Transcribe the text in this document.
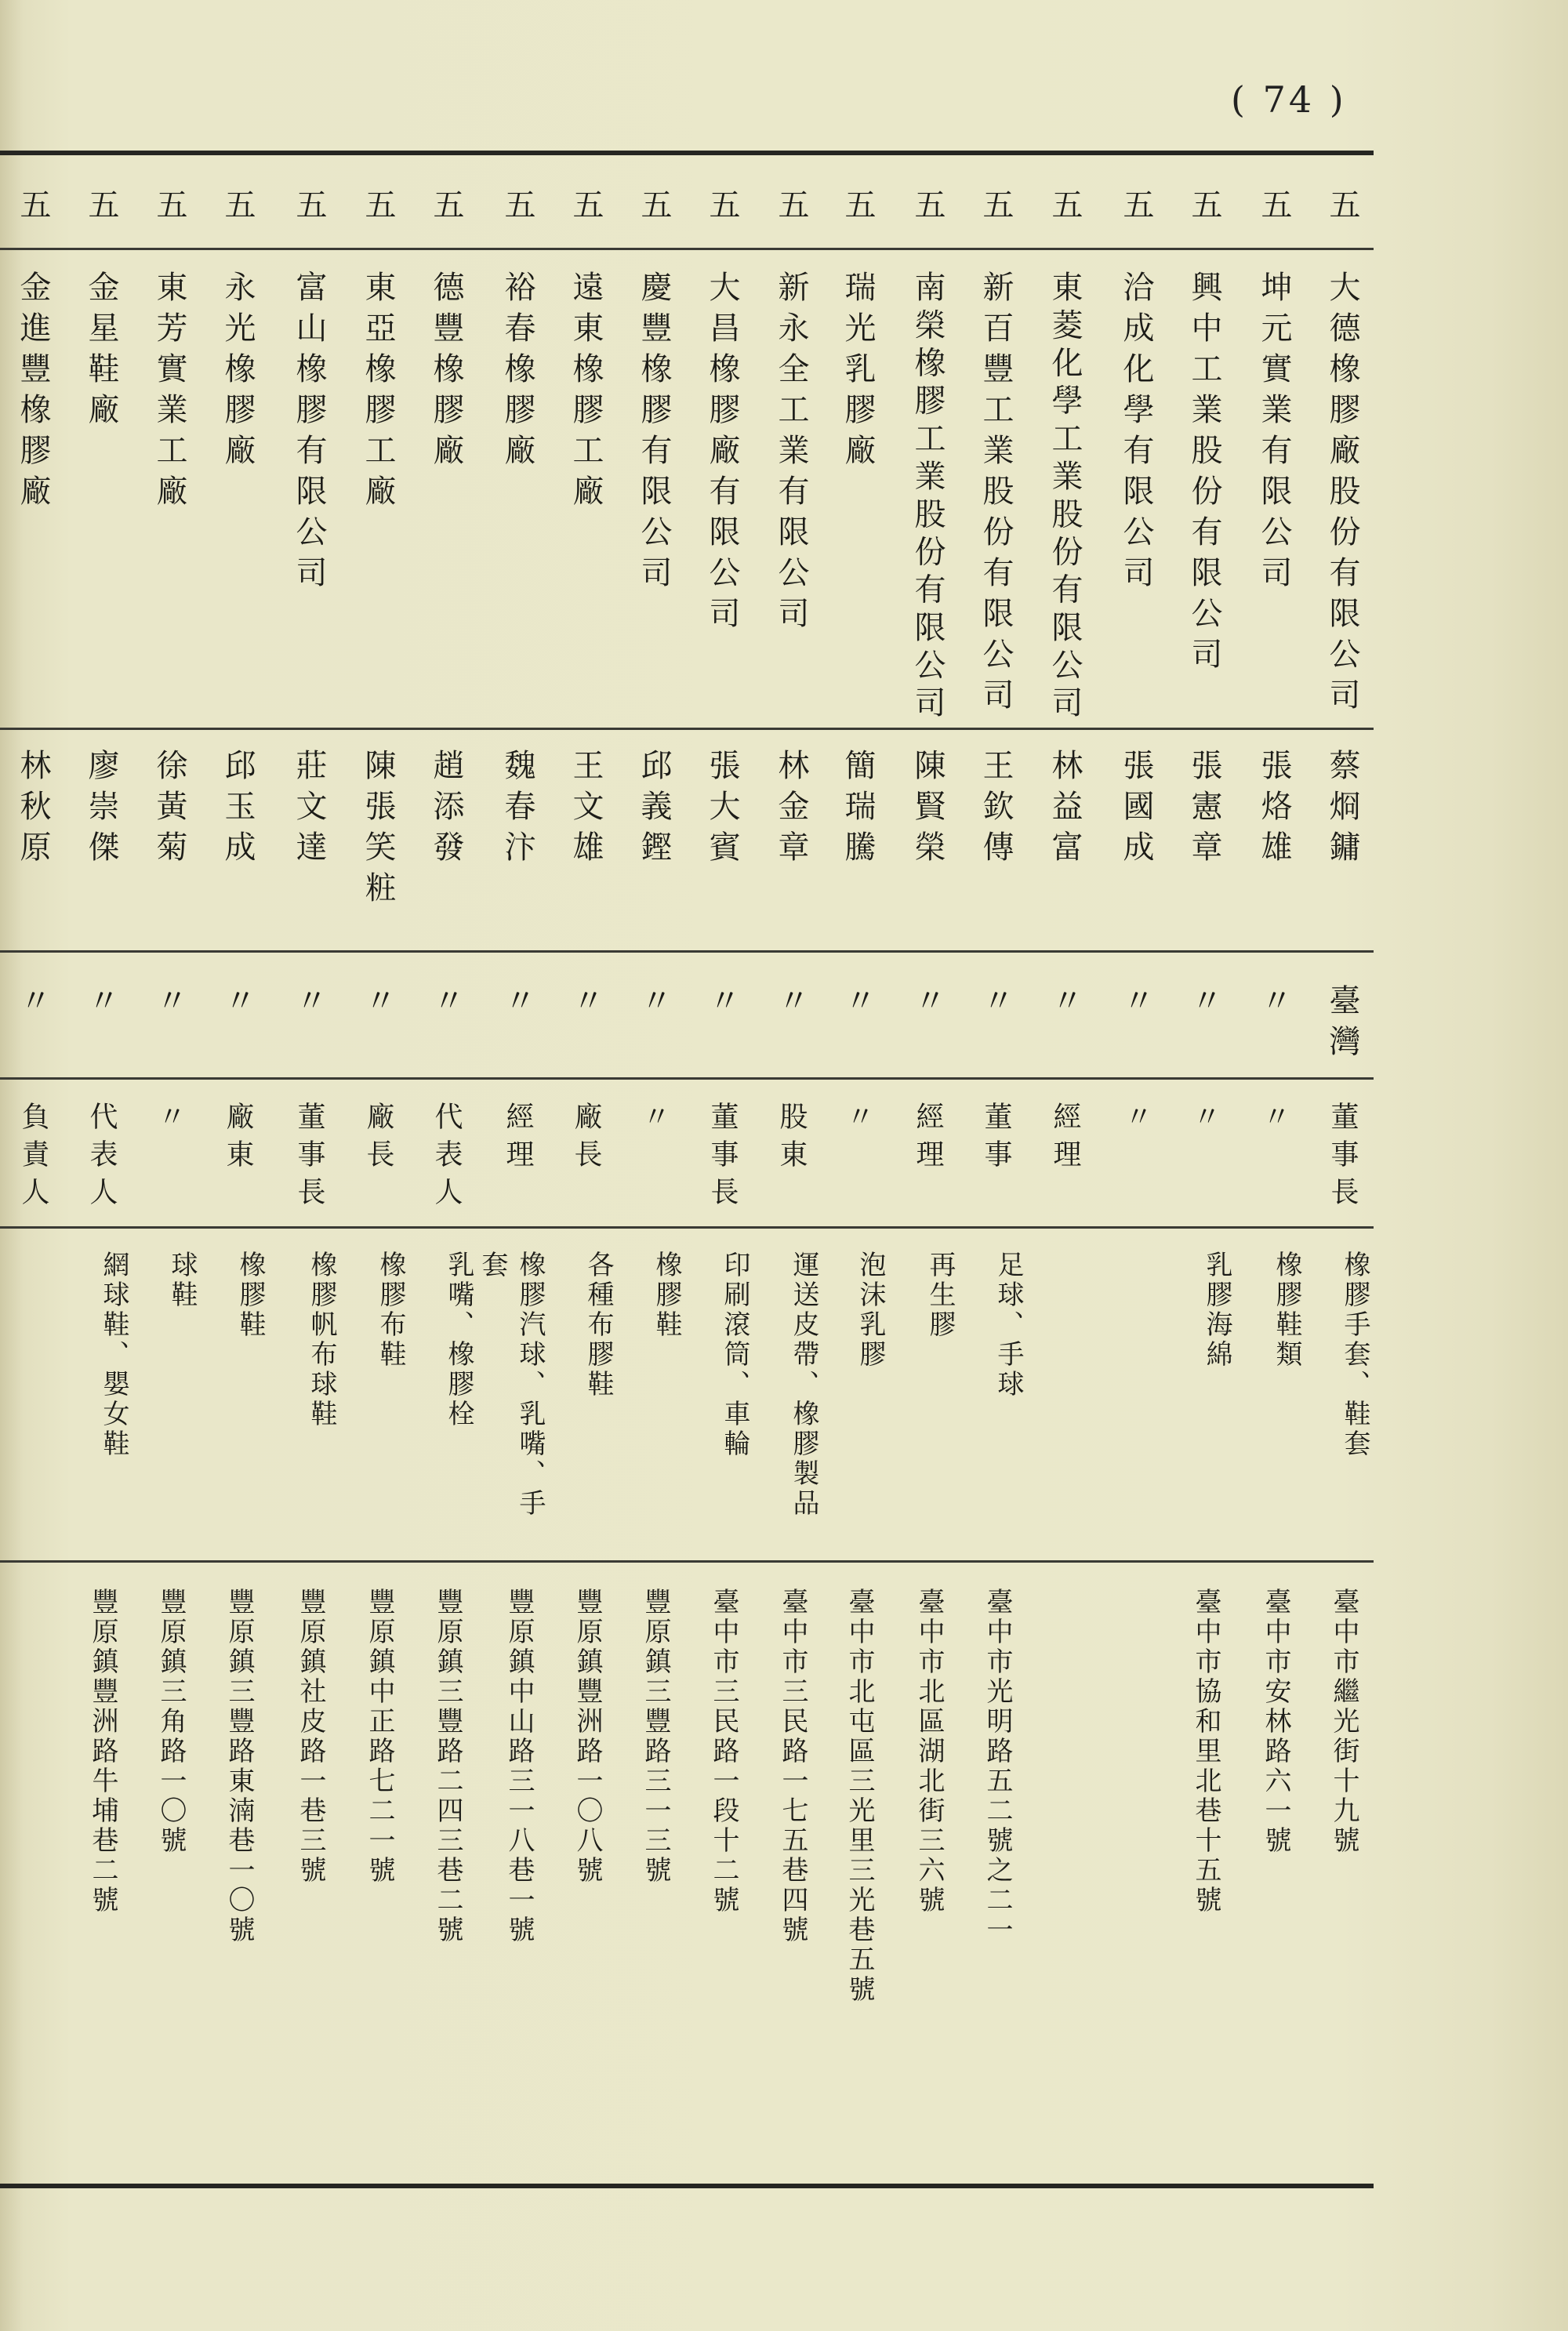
( 74 )
五
大德橡膠廠股份有限公司
蔡烱鏞
臺灣
董事長
橡膠手套、鞋套
臺中市繼光街十九號
五
坤元實業有限公司
張烙雄
〃
〃
橡膠鞋類
臺中市安林路六一號
五
興中工業股份有限公司
張憲章
〃
〃
乳膠海綿
臺中市協和里北巷十五號
五
洽成化學有限公司
張國成
〃
〃
五
東菱化學工業股份有限公司
林益富
〃
經理
五
新百豐工業股份有限公司
王欽傳
〃
董事
足球、手球
臺中市光明路五二號之二一
五
南榮橡膠工業股份有限公司
陳賢榮
〃
經理
再生膠
臺中市北區湖北街三六號
五
瑞光乳膠廠
簡瑞騰
〃
〃
泡沫乳膠
臺中市北屯區三光里三光巷五號
五
新永全工業有限公司
林金章
〃
股東
運送皮帶、橡膠製品
臺中市三民路一七五巷四號
五
大昌橡膠廠有限公司
張大賓
〃
董事長
印刷滾筒、車輪
臺中市三民路一段十二號
五
慶豐橡膠有限公司
邱義鏗
〃
〃
橡膠鞋
豐原鎮三豐路三一三號
五
遠東橡膠工廠
王文雄
〃
廠長
各種布膠鞋
豐原鎮豐洲路一〇八號
五
裕春橡膠廠
魏春汴
〃
經理
橡膠汽球、乳嘴、手套
豐原鎮中山路三一八巷一號
五
德豐橡膠廠
趙添發
〃
代表人
乳嘴、橡膠栓
豐原鎮三豐路二四三巷二號
五
東亞橡膠工廠
陳張笑粧
〃
廠長
橡膠布鞋
豐原鎮中正路七二一號
五
富山橡膠有限公司
莊文達
〃
董事長
橡膠帆布球鞋
豐原鎮社皮路一巷三號
五
永光橡膠廠
邱玉成
〃
廠東
橡膠鞋
豐原鎮三豐路東湳巷一〇號
五
東芳實業工廠
徐黃菊
〃
〃
球鞋
豐原鎮三角路一〇號
五
金星鞋廠
廖崇傑
〃
代表人
網球鞋、嬰女鞋
豐原鎮豐洲路牛埔巷二號
五
金進豐橡膠廠
林秋原
〃
負責人
